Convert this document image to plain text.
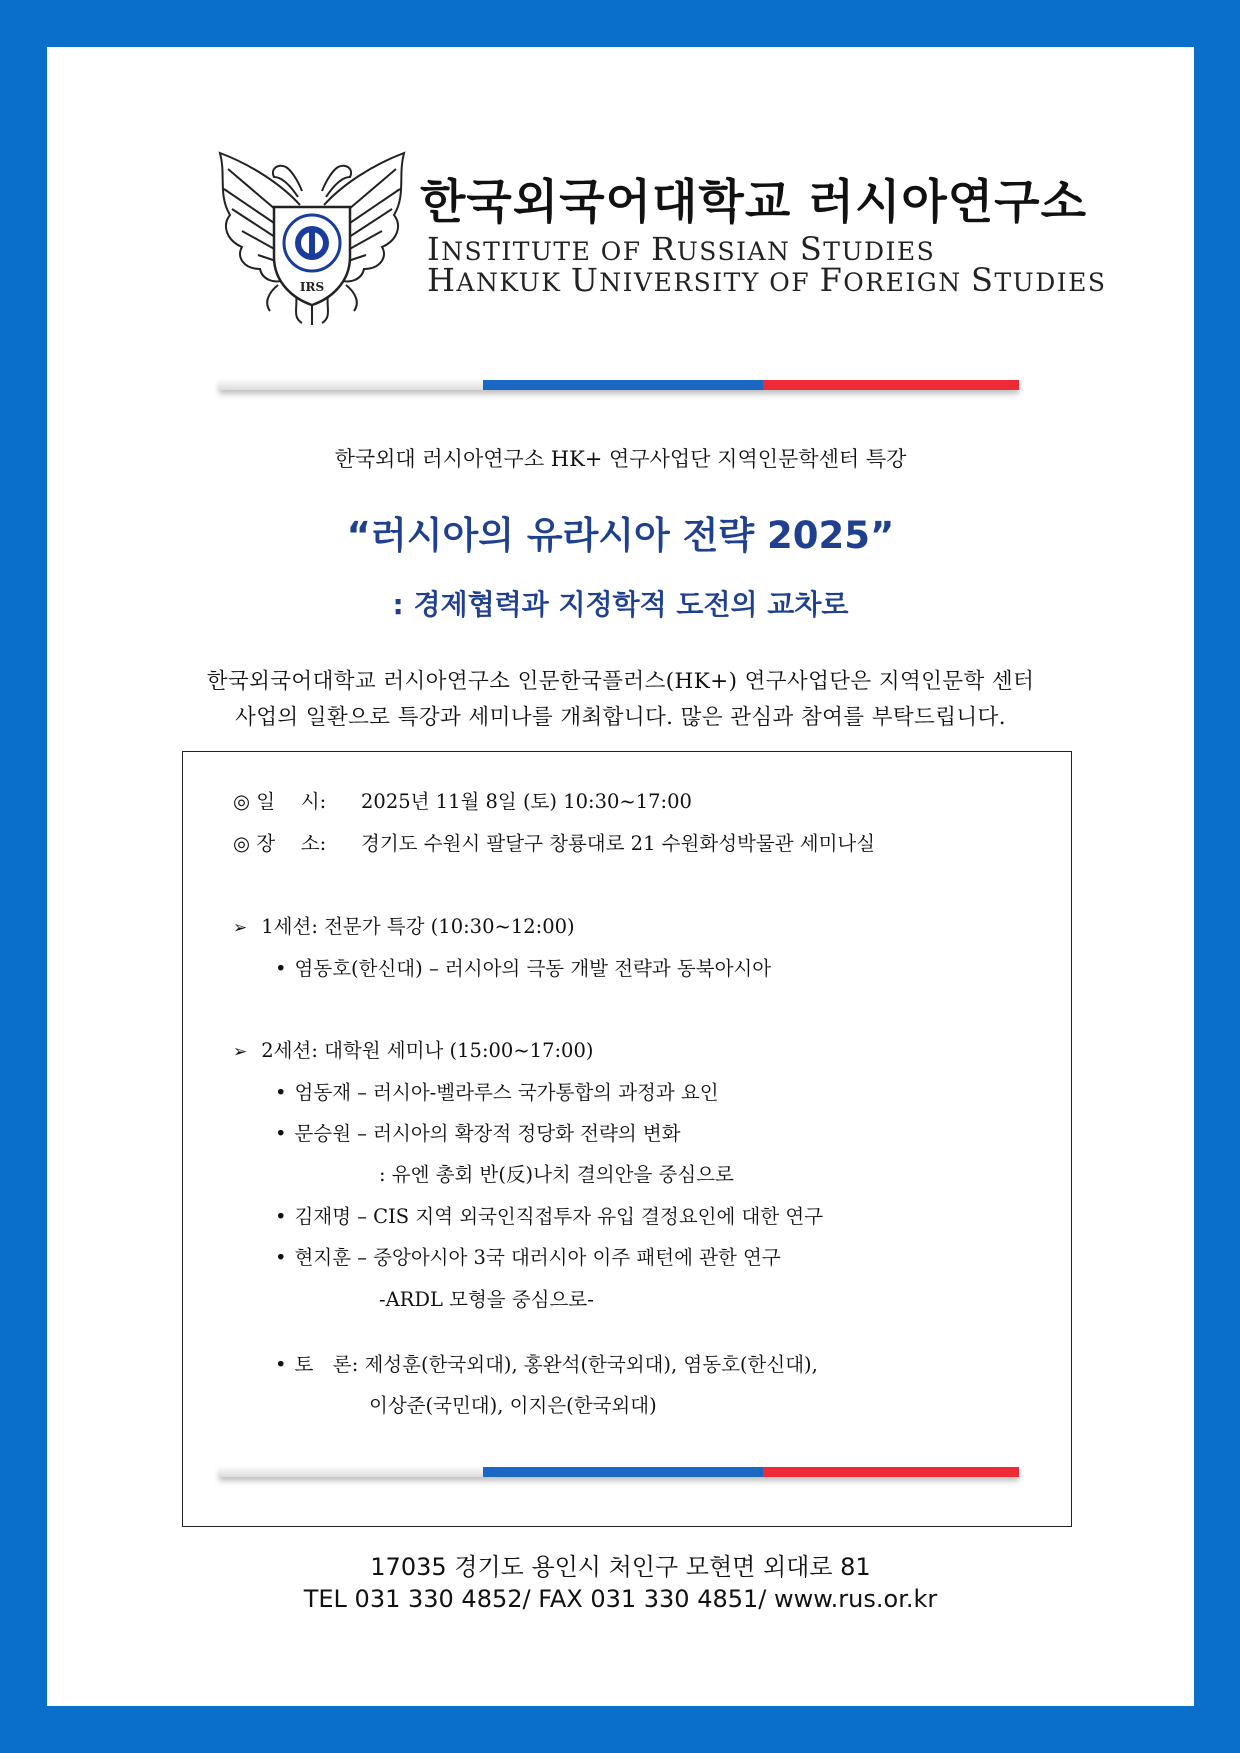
IRS
한국외국어대학교 러시아연구소
INSTITUTE OF RUSSIAN STUDIES
HANKUK UNIVERSITY OF FOREIGN STUDIES
한국외대 러시아연구소 HK+ 연구사업단 지역인문학센터 특강
“러시아의 유라시아 전략 2025”
: 경제협력과 지정학적 도전의 교차로
한국외국어대학교 러시아연구소 인문한국플러스(HK+) 연구사업단은 지역인문학 센터
사업의 일환으로 특강과 세미나를 개최합니다. 많은 관심과 참여를 부탁드립니다.
◎ 일　 시: 2025년 11월 8일 (토) 10:30~17:00
◎ 장　 소: 경기도 수원시 팔달구 창룡대로 21 수원화성박물관 세미나실
➢ 1세션: 전문가 특강 (10:30~12:00)
• 염동호(한신대) – 러시아의 극동 개발 전략과 동북아시아
➢ 2세션: 대학원 세미나 (15:00~17:00)
• 엄동재 – 러시아-벨라루스 국가통합의 과정과 요인
• 문승원 – 러시아의 확장적 정당화 전략의 변화
: 유엔 총회 반(反)나치 결의안을 중심으로
• 김재명 – CIS 지역 외국인직접투자 유입 결정요인에 대한 연구
• 현지훈 – 중앙아시아 3국 대러시아 이주 패턴에 관한 연구
-ARDL 모형을 중심으로-
• 토　론: 제성훈(한국외대), 홍완석(한국외대), 염동호(한신대),
이상준(국민대), 이지은(한국외대)
17035 경기도 용인시 처인구 모현면 외대로 81
TEL 031 330 4852/ FAX 031 330 4851/ www.rus.or.kr
